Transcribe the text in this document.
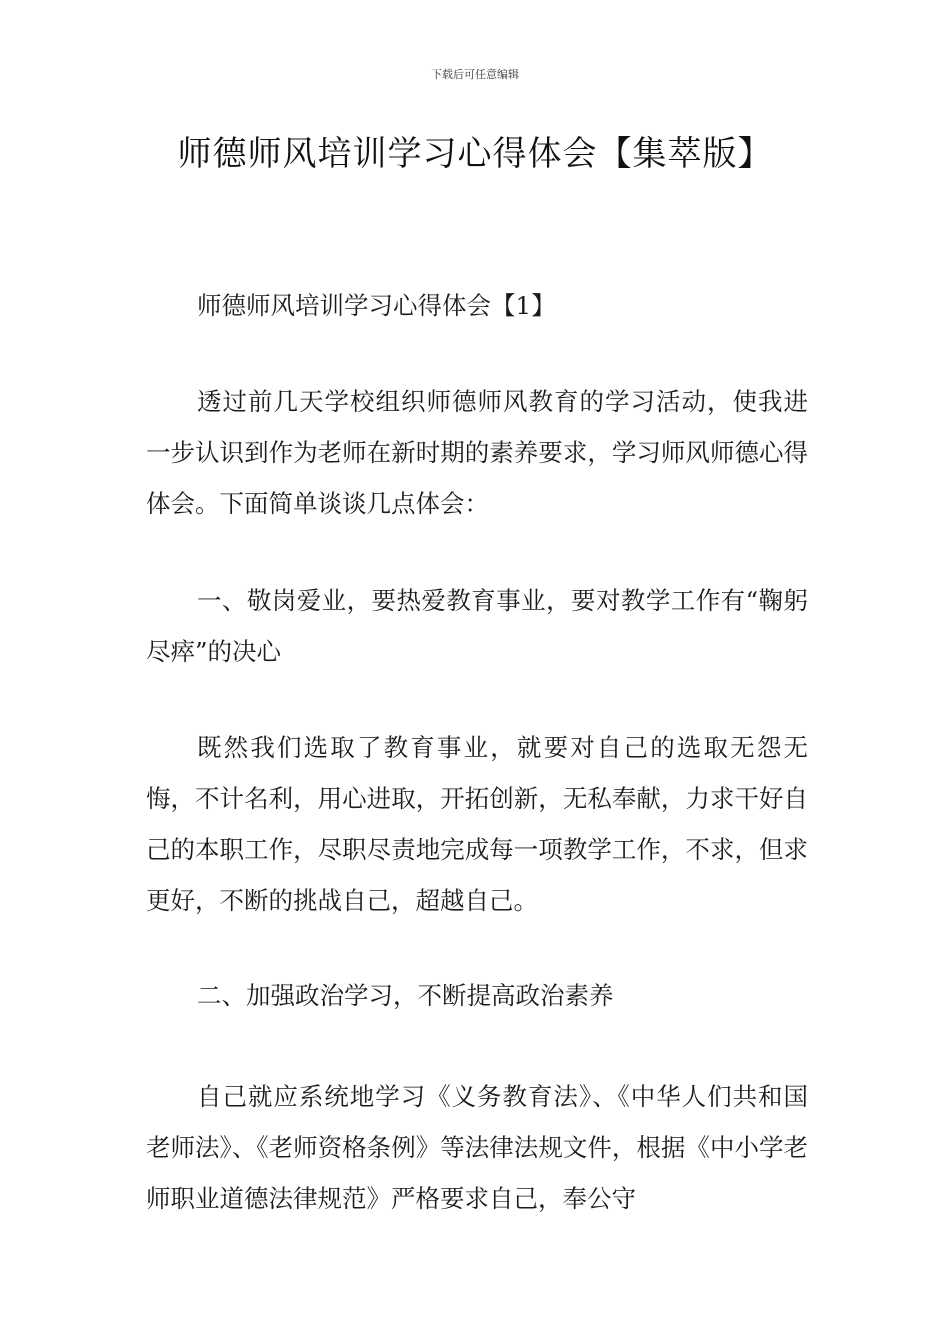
下载后可任意编辑
师德师风培训学习心得体会【集萃版】

师德师风培训学习心得体会【1】

透过前几天学校组织师德师风教育的学习活动，使我进一步认识到作为老师在新时期的素养要求，学习师风师德心得体会。下面简单谈谈几点体会：

一、敬岗爱业，要热爱教育事业，要对教学工作有“鞠躬尽瘁”的决心

既然我们选取了教育事业，就要对自己的选取无怨无悔，不计名利，用心进取，开拓创新，无私奉献，力求干好自己的本职工作，尽职尽责地完成每一项教学工作，不求，但求更好，不断的挑战自己，超越自己。

二、加强政治学习，不断提高政治素养

自己就应系统地学习《义务教育法》、《中华人们共和国老师法》、《老师资格条例》等法律法规文件，根据《中小学老师职业道德法律规范》严格要求自己，奉公守
